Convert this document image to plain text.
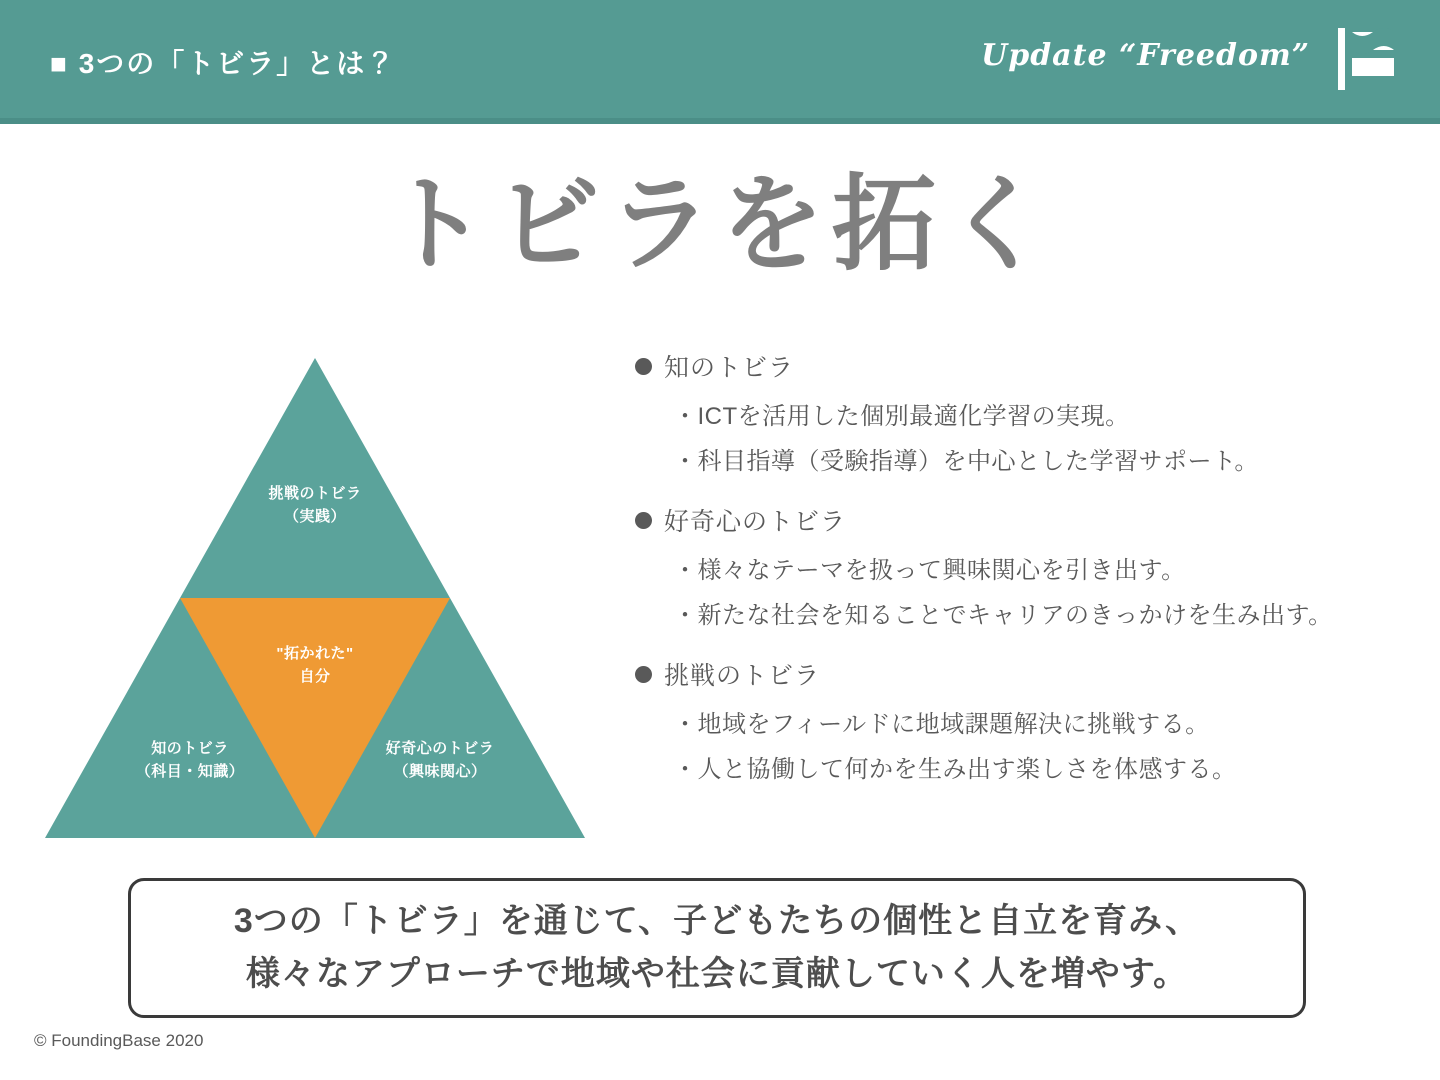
■ 3つの「トビラ」とは？	Update “Freedom”
トビラを拓く
挑戦のトビラ
（実践）
"拓かれた"
自分
知のトビラ
（科目・知識）
好奇心のトビラ
（興味関心）
知のトビラ
・ICTを活用した個別最適化学習の実現。
・科目指導（受験指導）を中心とした学習サポート。
好奇心のトビラ
・様々なテーマを扱って興味関心を引き出す。
・新たな社会を知ることでキャリアのきっかけを生み出す。
挑戦のトビラ
・地域をフィールドに地域課題解決に挑戦する。
・人と協働して何かを生み出す楽しさを体感する。
3つの「トビラ」を通じて、子どもたちの個性と自立を育み、
様々なアプローチで地域や社会に貢献していく人を増やす。
© FoundingBase 2020
